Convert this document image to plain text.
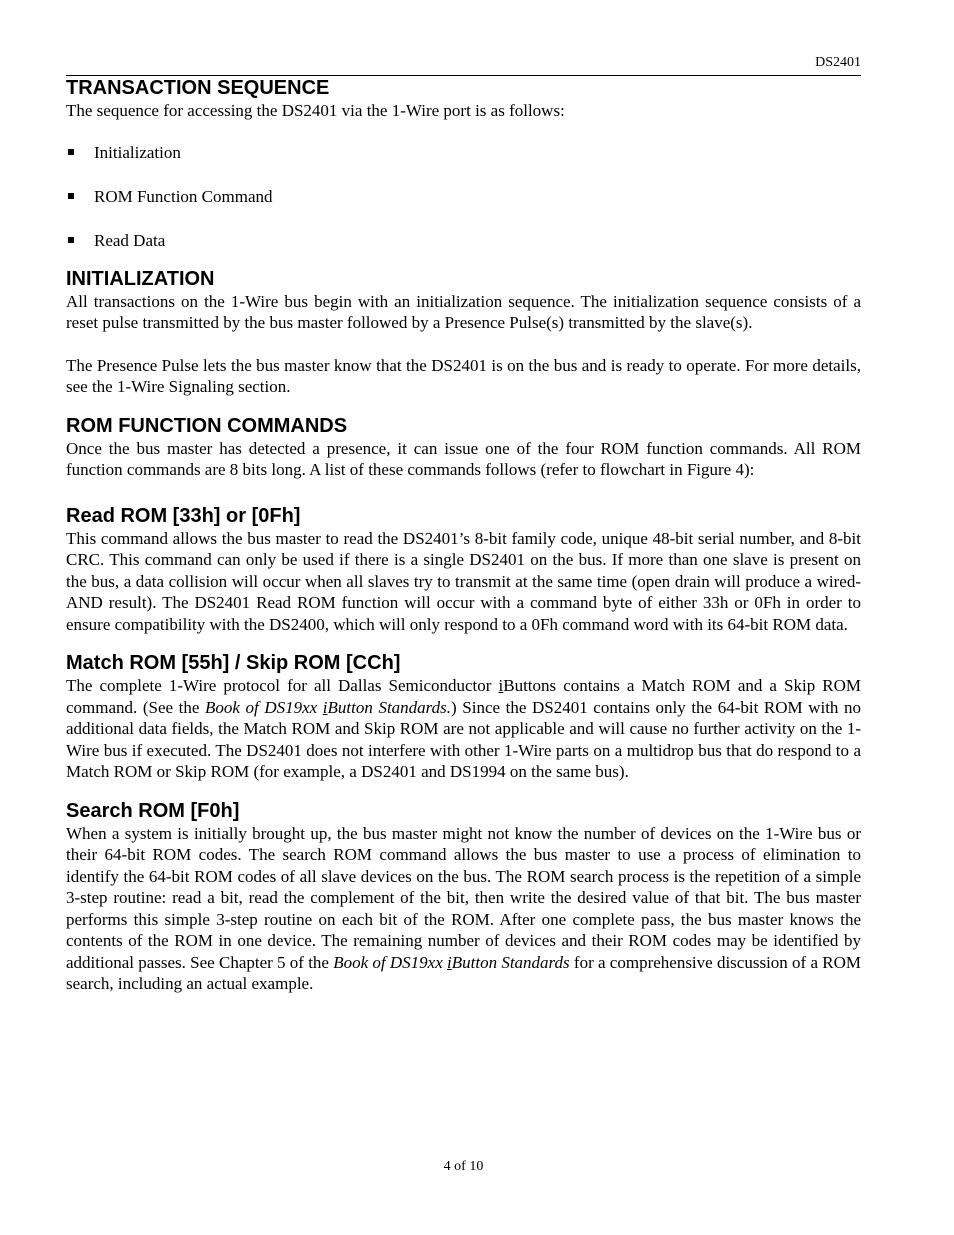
DS2401
TRANSACTION SEQUENCE

The sequence for accessing the DS2401 via the 1-Wire port is as follows:

Initialization
ROM Function Command
Read Data
INITIALIZATION

All transactions on the 1-Wire bus begin with an initialization sequence. The initialization sequence consists of a reset pulse transmitted by the bus master followed by a Presence Pulse(s) transmitted by the slave(s).

The Presence Pulse lets the bus master know that the DS2401 is on the bus and is ready to operate. For more details, see the 1-Wire Signaling section.

ROM FUNCTION COMMANDS

Once the bus master has detected a presence, it can issue one of the four ROM function commands. All ROM function commands are 8 bits long. A list of these commands follows (refer to flowchart in Figure 4):

Read ROM [33h] or [0Fh]

This command allows the bus master to read the DS2401’s 8-bit family code, unique 48-bit serial number, and 8-bit CRC. This command can only be used if there is a single DS2401 on the bus. If more than one slave is present on the bus, a data collision will occur when all slaves try to transmit at the same time (open drain will produce a wired-AND result). The DS2401 Read ROM function will occur with a command byte of either 33h or 0Fh in order to ensure compatibility with the DS2400, which will only respond to a 0Fh command word with its 64-bit ROM data.

Match ROM [55h] / Skip ROM [CCh]

The complete 1-Wire protocol for all Dallas Semiconductor iButtons contains a Match ROM and a Skip ROM command. (See the Book of DS19xx iButton Standards.) Since the DS2401 contains only the 64-bit ROM with no additional data fields, the Match ROM and Skip ROM are not applicable and will cause no further activity on the 1-Wire bus if executed. The DS2401 does not interfere with other 1-Wire parts on a multidrop bus that do respond to a Match ROM or Skip ROM (for example, a DS2401 and DS1994 on the same bus).

Search ROM [F0h]

When a system is initially brought up, the bus master might not know the number of devices on the 1-Wire bus or their 64-bit ROM codes. The search ROM command allows the bus master to use a process of elimination to identify the 64-bit ROM codes of all slave devices on the bus. The ROM search process is the repetition of a simple 3-step routine: read a bit, read the complement of the bit, then write the desired value of that bit. The bus master performs this simple 3-step routine on each bit of the ROM. After one complete pass, the bus master knows the contents of the ROM in one device. The remaining number of devices and their ROM codes may be identified by additional passes. See Chapter 5 of the Book of DS19xx iButton Standards for a comprehensive discussion of a ROM search, including an actual example.

4 of 10
